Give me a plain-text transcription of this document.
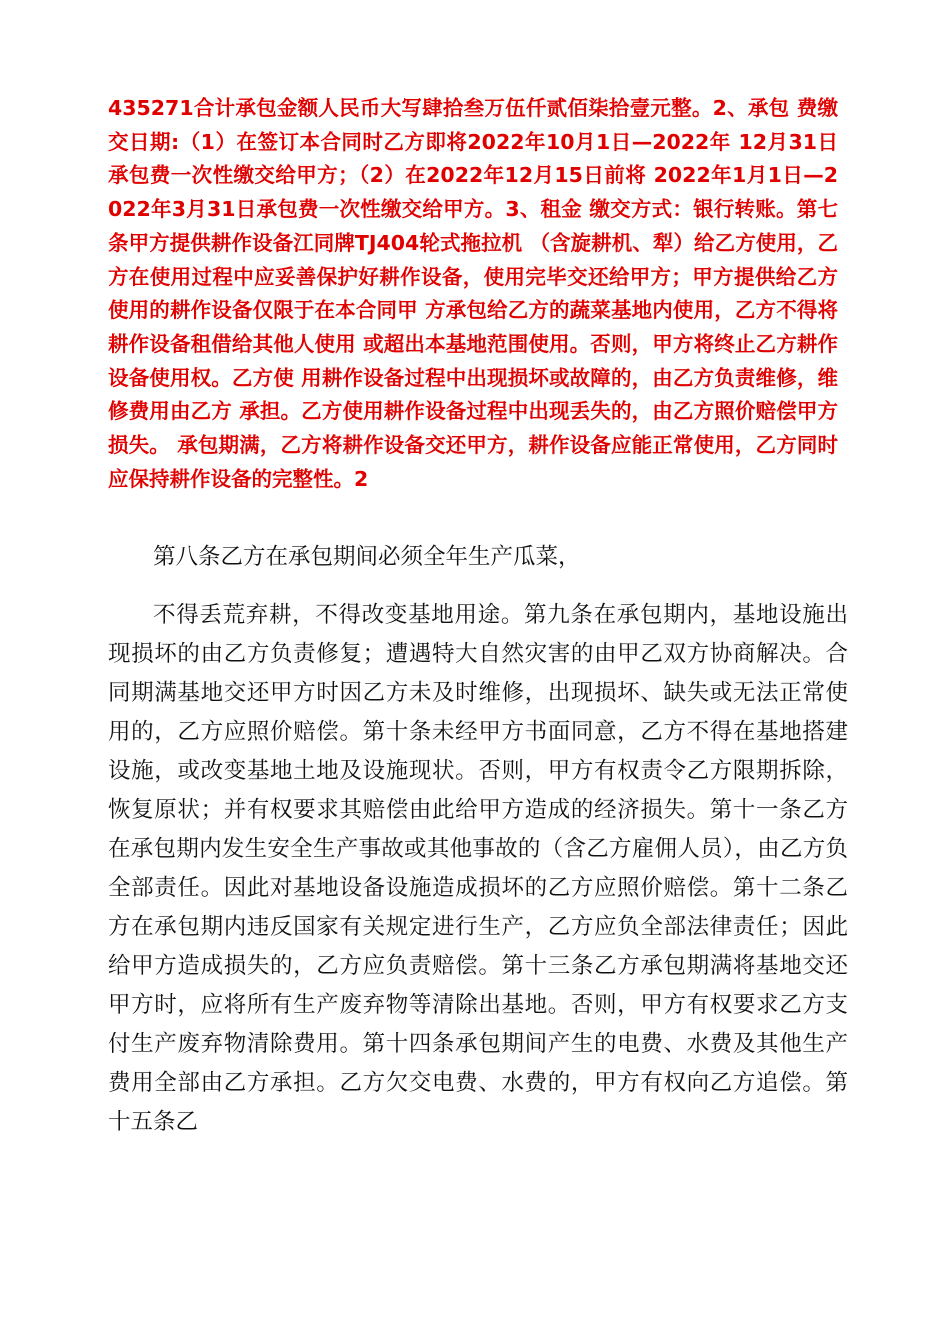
435271合计承包金额人民币大写肆拾叁万伍仟贰佰柒拾壹元整。2、承包 费缴交日期:（1）在签订本合同时乙方即将2022年10月1日—2022年 12月31日承包费一次性缴交给甲方；（2）在2022年12月15日前将 2022年1月1日—2022年3月31日承包费一次性缴交给甲方。3、租金 缴交方式：银行转账。第七条甲方提供耕作设备江同牌TJ404轮式拖拉机 （含旋耕机、犁）给乙方使用，乙方在使用过程中应妥善保护好耕作设备，使用完毕交还给甲方；甲方提供给乙方使用的耕作设备仅限于在本合同甲 方承包给乙方的蔬菜基地内使用，乙方不得将耕作设备租借给其他人使用 或超出本基地范围使用。否则，甲方将终止乙方耕作设备使用权。乙方使 用耕作设备过程中出现损坏或故障的，由乙方负责维修，维修费用由乙方 承担。乙方使用耕作设备过程中出现丢失的，由乙方照价赔偿甲方损失。 承包期满，乙方将耕作设备交还甲方，耕作设备应能正常使用，乙方同时 应保持耕作设备的完整性。2

第八条乙方在承包期间必须全年生产瓜菜，

不得丢荒弃耕，不得改变基地用途。第九条在承包期内，基地设施出现损坏的由乙方负责修复；遭遇特大自然灾害的由甲乙双方协商解决。合同期满基地交还甲方时因乙方未及时维修，出现损坏、缺失或无法正常使用的，乙方应照价赔偿。第十条未经甲方书面同意，乙方不得在基地搭建设施，或改变基地土地及设施现状。否则，甲方有权责令乙方限期拆除，恢复原状；并有权要求其赔偿由此给甲方造成的经济损失。第十一条乙方在承包期内发生安全生产事故或其他事故的（含乙方雇佣人员），由乙方负全部责任。因此对基地设备设施造成损坏的乙方应照价赔偿。第十二条乙方在承包期内违反国家有关规定进行生产，乙方应负全部法律责任；因此给甲方造成损失的，乙方应负责赔偿。第十三条乙方承包期满将基地交还甲方时，应将所有生产废弃物等清除出基地。否则，甲方有权要求乙方支付生产废弃物清除费用。第十四条承包期间产生的电费、水费及其他生产费用全部由乙方承担。乙方欠交电费、水费的，甲方有权向乙方追偿。第十五条乙
